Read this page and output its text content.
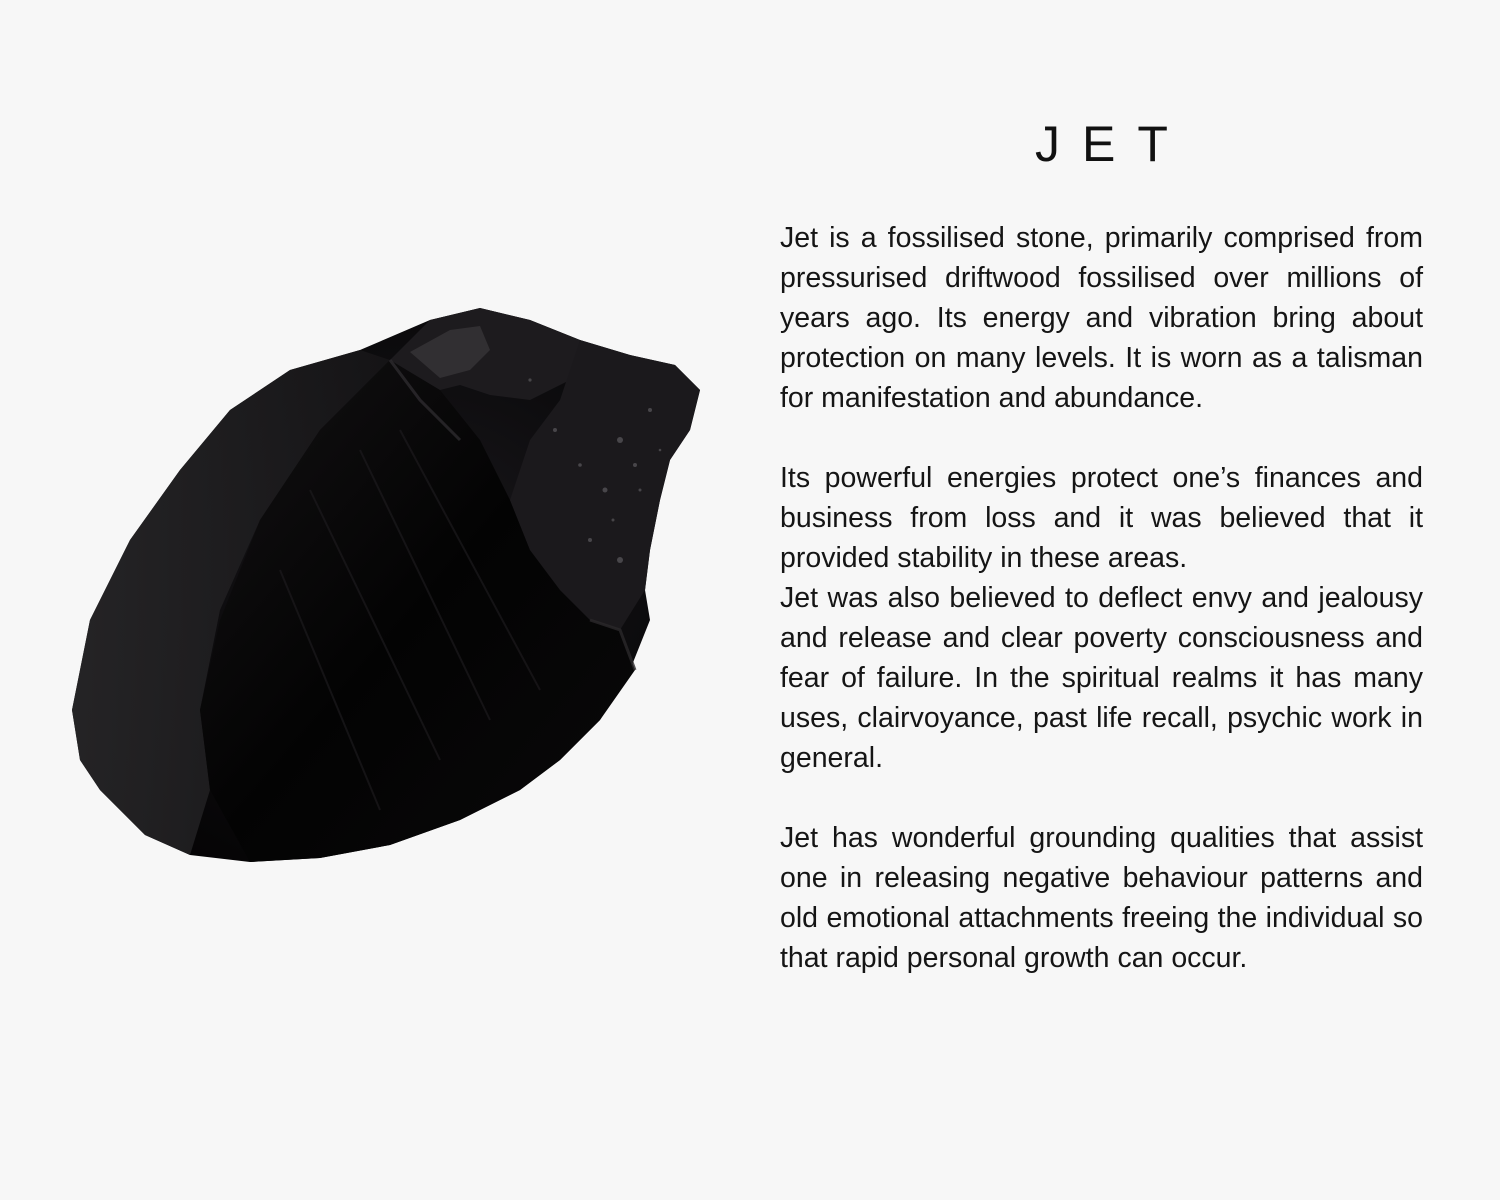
JET

Jet is a fossilised stone, primarily comprised from pressurised driftwood fossilised over millions of years ago. Its energy and vibration bring about protection on many levels. It is worn as a talisman for manifestation and abundance.

Its powerful energies protect one’s finances and business from loss and it was believed that it provided stability in these areas.

Jet was also believed to deflect envy and jealousy and release and clear poverty consciousness and fear of failure. In the spiritual realms it has many uses, clairvoyance, past life recall, psychic work in general.

Jet has wonderful grounding qualities that assist one in releasing negative behaviour patterns and old emotional attachments freeing the individual so that rapid personal growth can occur.
